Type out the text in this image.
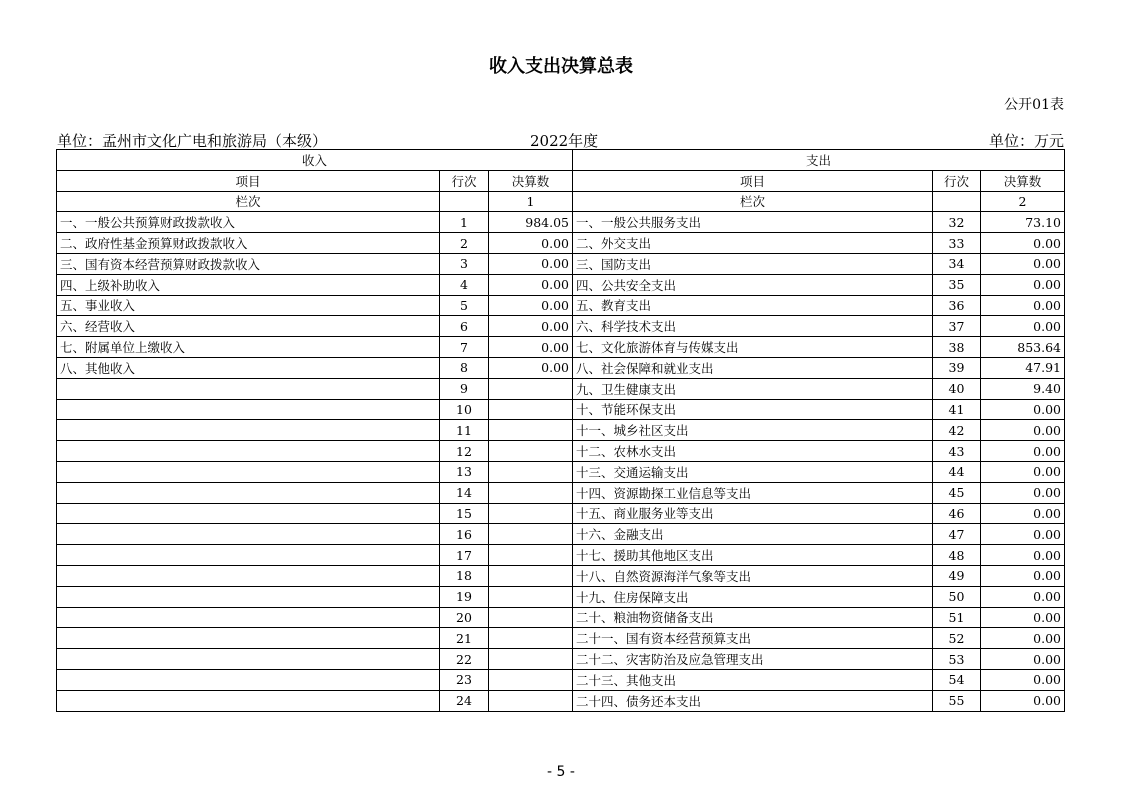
收入支出决算总表
公开01表
单位：孟州市文化广电和旅游局（本级）	2022年度	单位：万元
收入			支出		
项目	行次	决算数	项目	行次	决算数
栏次		1	栏次		2
一、一般公共预算财政拨款收入	1	984.05	一、一般公共服务支出	32	73.10
二、政府性基金预算财政拨款收入	2	0.00	二、外交支出	33	0.00
三、国有资本经营预算财政拨款收入	3	0.00	三、国防支出	34	0.00
四、上级补助收入	4	0.00	四、公共安全支出	35	0.00
五、事业收入	5	0.00	五、教育支出	36	0.00
六、经营收入	6	0.00	六、科学技术支出	37	0.00
七、附属单位上缴收入	7	0.00	七、文化旅游体育与传媒支出	38	853.64
八、其他收入	8	0.00	八、社会保障和就业支出	39	47.91
	9		九、卫生健康支出	40	9.40
	10		十、节能环保支出	41	0.00
	11		十一、城乡社区支出	42	0.00
	12		十二、农林水支出	43	0.00
	13		十三、交通运输支出	44	0.00
	14		十四、资源勘探工业信息等支出	45	0.00
	15		十五、商业服务业等支出	46	0.00
	16		十六、金融支出	47	0.00
	17		十七、援助其他地区支出	48	0.00
	18		十八、自然资源海洋气象等支出	49	0.00
	19		十九、住房保障支出	50	0.00
	20		二十、粮油物资储备支出	51	0.00
	21		二十一、国有资本经营预算支出	52	0.00
	22		二十二、灾害防治及应急管理支出	53	0.00
	23		二十三、其他支出	54	0.00
	24		二十四、债务还本支出	55	0.00
- 5 -
